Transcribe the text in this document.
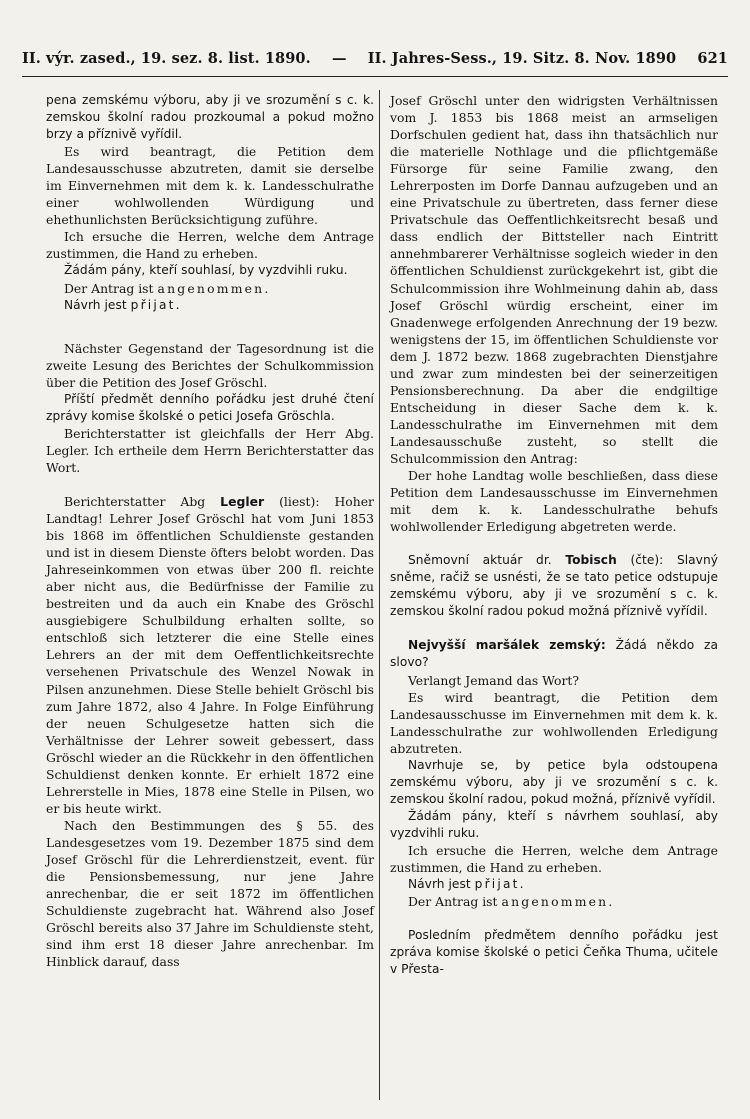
II. výr. zased., 19. sez. 8. list. 1890. — II. Jahres-Sess., 19. Sitz. 8. Nov. 1890 621

pena zemskému výboru, aby ji ve srozumění s c. k. zemskou školní radou prozkoumal a pokud možno brzy a příznivě vyřídil.

Es wird beantragt, die Petition dem Landesausschusse abzutreten, damit sie derselbe im Einvernehmen mit dem k. k. Landesschulrathe einer wohlwollenden Würdigung und ehethunlichsten Berücksichtigung zuführe.

Ich ersuche die Herren, welche dem Antrage zustimmen, die Hand zu erheben.

Žádám pány, kteří souhlasí, by vyzdvihli ruku.

Der Antrag ist angenommen.

Návrh jest přijat.

Nächster Gegenstand der Tagesordnung ist die zweite Lesung des Berichtes der Schulkommission über die Petition des Josef Gröschl.

Příští předmět denního pořádku jest druhé čtení zprávy komise školské o petici Josefa Gröschla.

Berichterstatter ist gleichfalls der Herr Abg. Legler. Ich ertheile dem Herrn Berichterstatter das Wort.

Berichterstatter Abg Legler (liest): Hoher Landtag! Lehrer Josef Gröschl hat vom Juni 1853 bis 1868 im öffentlichen Schuldienste gestanden und ist in diesem Dienste öfters belobt worden. Das Jahreseinkommen von etwas über 200 fl. reichte aber nicht aus, die Bedürfnisse der Familie zu bestreiten und da auch ein Knabe des Gröschl ausgiebigere Schulbildung erhalten sollte, so entschloß sich letzterer die eine Stelle eines Lehrers an der mit dem Oeffentlichkeitsrechte versehenen Privatschule des Wenzel Nowak in Pilsen anzunehmen. Diese Stelle behielt Gröschl bis zum Jahre 1872, also 4 Jahre. In Folge Einführung der neuen Schulgesetze hatten sich die Verhältnisse der Lehrer soweit gebessert, dass Gröschl wieder an die Rückkehr in den öffentlichen Schuldienst denken konnte. Er erhielt 1872 eine Lehrerstelle in Mies, 1878 eine Stelle in Pilsen, wo er bis heute wirkt.

Nach den Bestimmungen des § 55. des Landesgesetzes vom 19. Dezember 1875 sind dem Josef Gröschl für die Lehrerdienstzeit, event. für die Pensionsbemessung, nur jene Jahre anrechenbar, die er seit 1872 im öffentlichen Schuldienste zugebracht hat. Während also Josef Gröschl bereits also 37 Jahre im Schuldienste steht, sind ihm erst 18 dieser Jahre anrechenbar. Im Hinblick darauf, dass

Josef Gröschl unter den widrigsten Verhältnissen vom J. 1853 bis 1868 meist an armseligen Dorfschulen gedient hat, dass ihn thatsächlich nur die materielle Nothlage und die pflichtgemäße Fürsorge für seine Familie zwang, den Lehrerposten im Dorfe Dannau aufzugeben und an eine Privatschule zu übertreten, dass ferner diese Privatschule das Oeffentlichkeitsrecht besaß und dass endlich der Bittsteller nach Eintritt annehmbarerer Verhältnisse sogleich wieder in den öffentlichen Schuldienst zurückgekehrt ist, gibt die Schulcommission ihre Wohlmeinung dahin ab, dass Josef Gröschl würdig erscheint, einer im Gnadenwege erfolgenden Anrechnung der 19 bezw. wenigstens der 15, im öffentlichen Schuldienste vor dem J. 1872 bezw. 1868 zugebrachten Dienstjahre und zwar zum mindesten bei der seinerzeitigen Pensionsberechnung. Da aber die endgiltige Entscheidung in dieser Sache dem k. k. Landesschulrathe im Einvernehmen mit dem Landesausschuße zusteht, so stellt die Schulcommission den Antrag:

Der hohe Landtag wolle beschließen, dass diese Petition dem Landesausschusse im Einvernehmen mit dem k. k. Landesschulrathe behufs wohlwollender Erledigung abgetreten werde.

Sněmovní aktuár dr. Tobisch (čte): Slavný sněme, račiž se usnésti, že se tato petice odstupuje zemskému výboru, aby ji ve srozumění s c. k. zemskou školní radou pokud možná příznivě vyřídil.

Nejvyšší maršálek zemský: Žádá někdo za slovo?

Verlangt Jemand das Wort?

Es wird beantragt, die Petition dem Landesausschusse im Einvernehmen mit dem k. k. Landesschulrathe zur wohlwollenden Erledigung abzutreten.

Navrhuje se, by petice byla odstoupena zemskému výboru, aby ji ve srozumění s c. k. zemskou školní radou, pokud možná, příznivě vyřídil.

Žádám pány, kteří s návrhem souhlasí, aby vyzdvihli ruku.

Ich ersuche die Herren, welche dem Antrage zustimmen, die Hand zu erheben.

Návrh jest přijat.

Der Antrag ist angenommen.

Posledním předmětem denního pořádku jest zpráva komise školské o petici Čeňka Thuma, učitele v Přesta-
